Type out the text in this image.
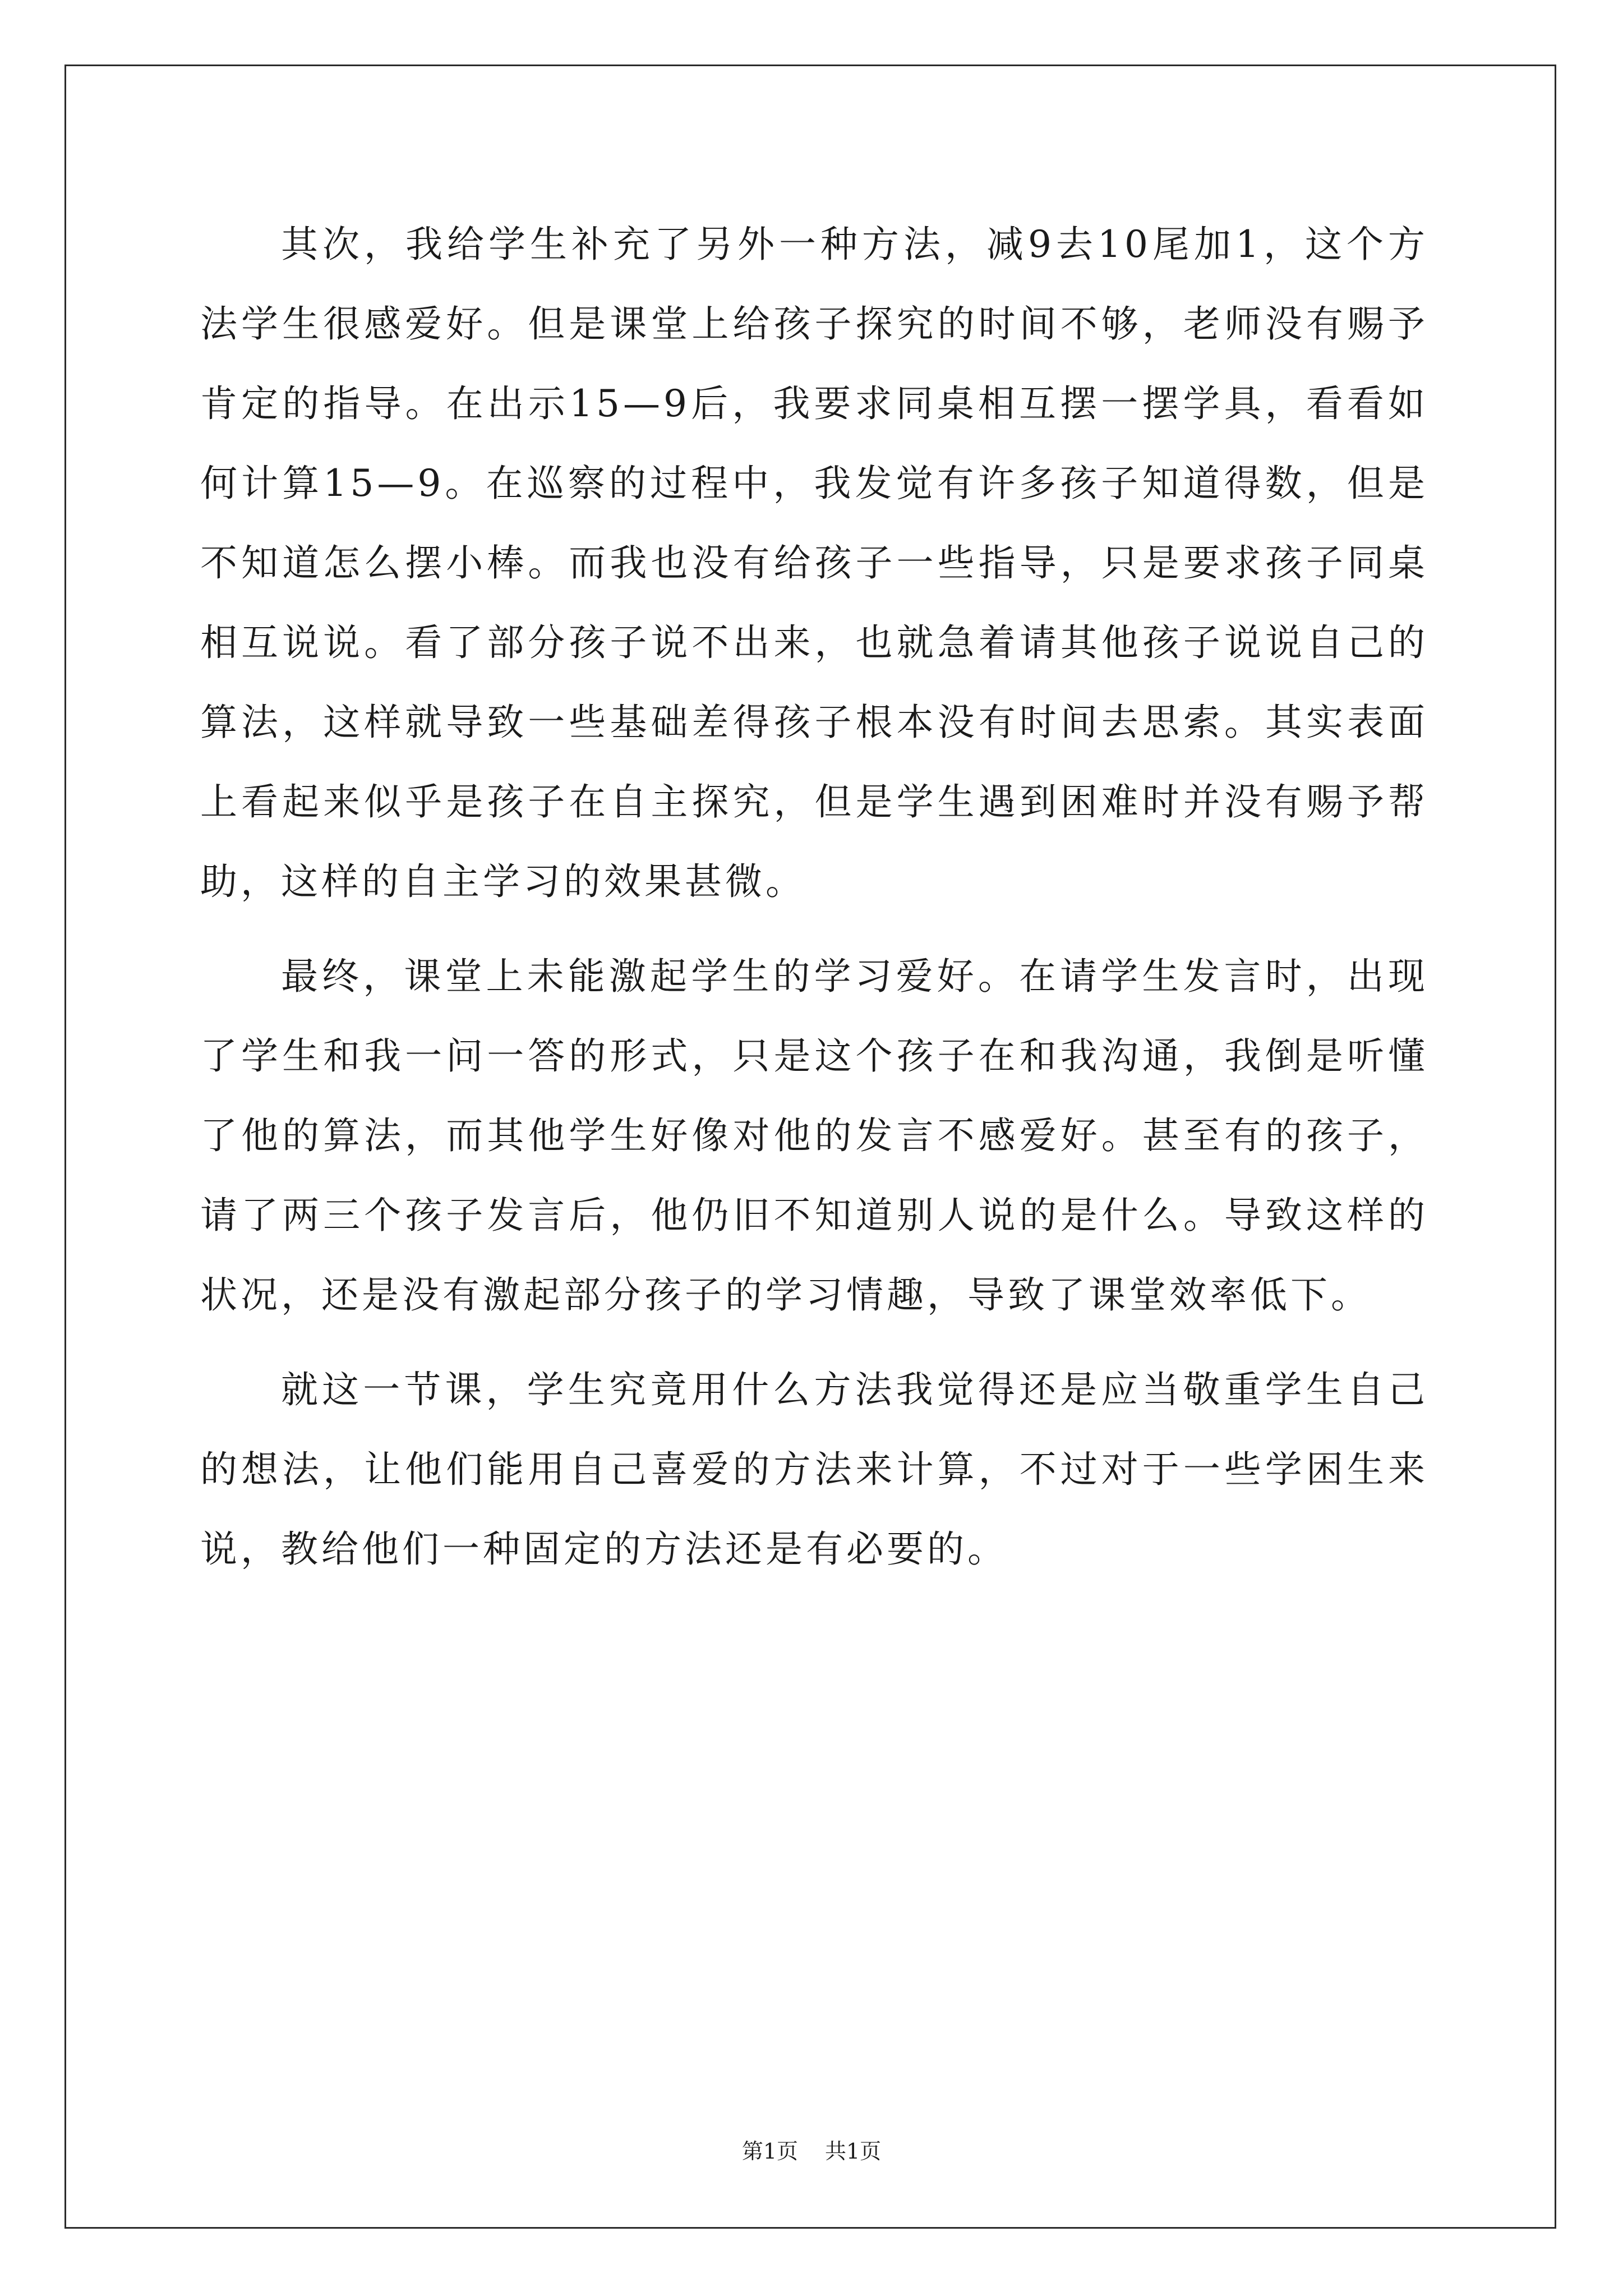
其次，我给学生补充了另外一种方法，减9去10尾加1，这个方法学生很感爱好。但是课堂上给孩子探究的时间不够，老师没有赐予肯定的指导。在出示15—9后，我要求同桌相互摆一摆学具，看看如何计算15—9。在巡察的过程中，我发觉有许多孩子知道得数，但是不知道怎么摆小棒。而我也没有给孩子一些指导，只是要求孩子同桌相互说说。看了部分孩子说不出来，也就急着请其他孩子说说自己的算法，这样就导致一些基础差得孩子根本没有时间去思索。其实表面上看起来似乎是孩子在自主探究，但是学生遇到困难时并没有赐予帮助，这样的自主学习的效果甚微。

最终，课堂上未能激起学生的学习爱好。在请学生发言时，出现了学生和我一问一答的形式，只是这个孩子在和我沟通，我倒是听懂了他的算法，而其他学生好像对他的发言不感爱好。甚至有的孩子，请了两三个孩子发言后，他仍旧不知道别人说的是什么。导致这样的状况，还是没有激起部分孩子的学习情趣，导致了课堂效率低下。

就这一节课，学生究竟用什么方法我觉得还是应当敬重学生自己的想法，让他们能用自己喜爱的方法来计算，不过对于一些学困生来说，教给他们一种固定的方法还是有必要的。

第1页 共1页
